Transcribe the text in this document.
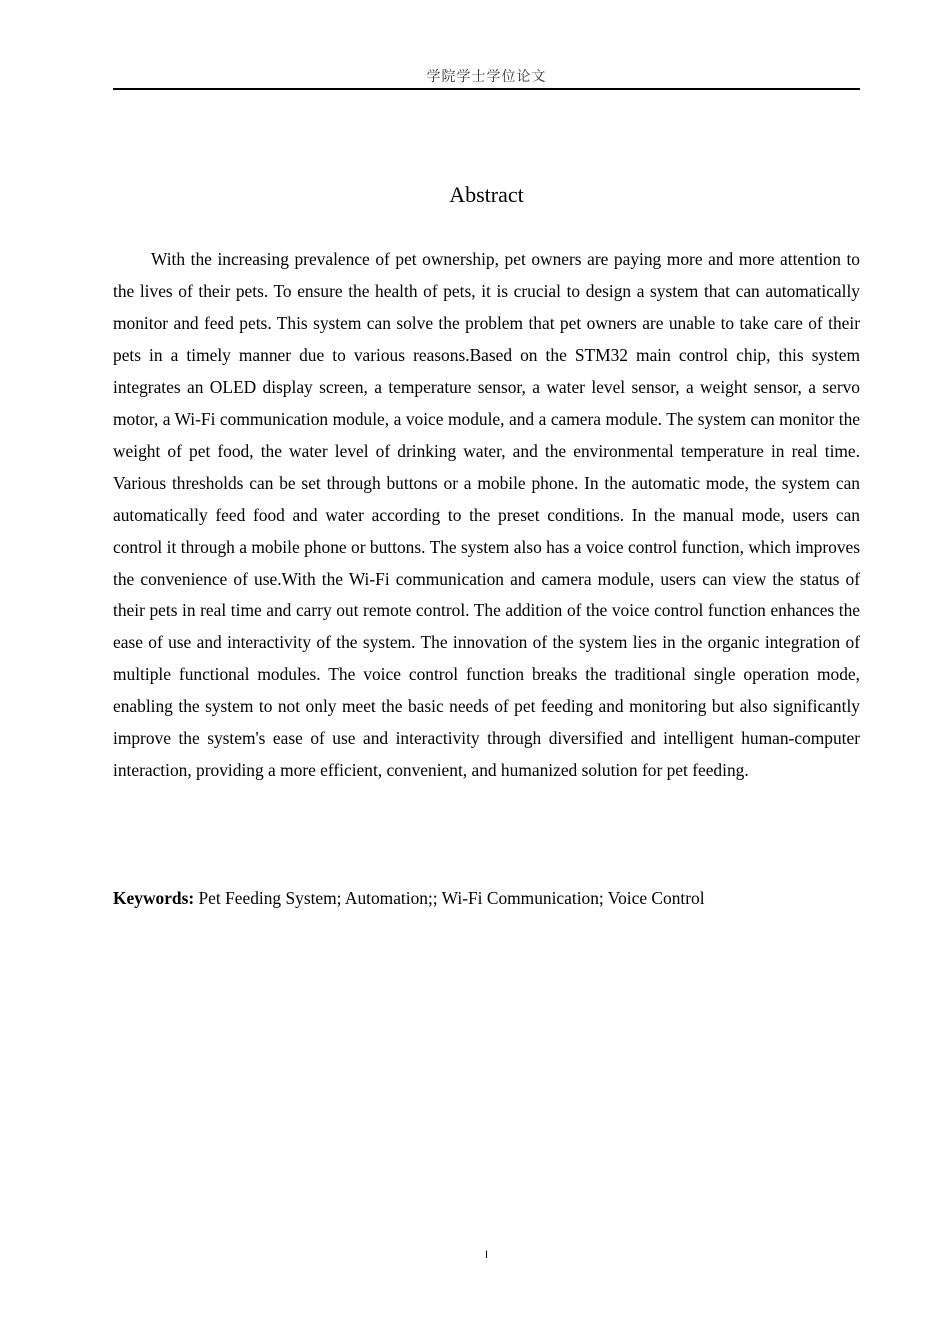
学院学士学位论文
Abstract

With the increasing prevalence of pet ownership, pet owners are paying more and more attention to the lives of their pets. To ensure the health of pets, it is crucial to design a system that can automatically monitor and feed pets. This system can solve the problem that pet owners are unable to take care of their pets in a timely manner due to various reasons.Based on the STM32 main control chip, this system integrates an OLED display screen, a temperature sensor, a water level sensor, a weight sensor, a servo motor, a Wi-Fi communication module, a voice module, and a camera module. The system can monitor the weight of pet food, the water level of drinking water, and the environmental temperature in real time. Various thresholds can be set through buttons or a mobile phone. In the automatic mode, the system can automatically feed food and water according to the preset conditions. In the manual mode, users can control it through a mobile phone or buttons. The system also has a voice control function, which improves the convenience of use.With the Wi-Fi communication and camera module, users can view the status of their pets in real time and carry out remote control. The addition of the voice control function enhances the ease of use and interactivity of the system. The innovation of the system lies in the organic integration of multiple functional modules. The voice control function breaks the traditional single operation mode, enabling the system to not only meet the basic needs of pet feeding and monitoring but also significantly improve the system's ease of use and interactivity through diversified and intelligent human-computer interaction, providing a more efficient, convenient, and humanized solution for pet feeding.

Keywords: Pet Feeding System; Automation;; Wi-Fi Communication; Voice Control

I
